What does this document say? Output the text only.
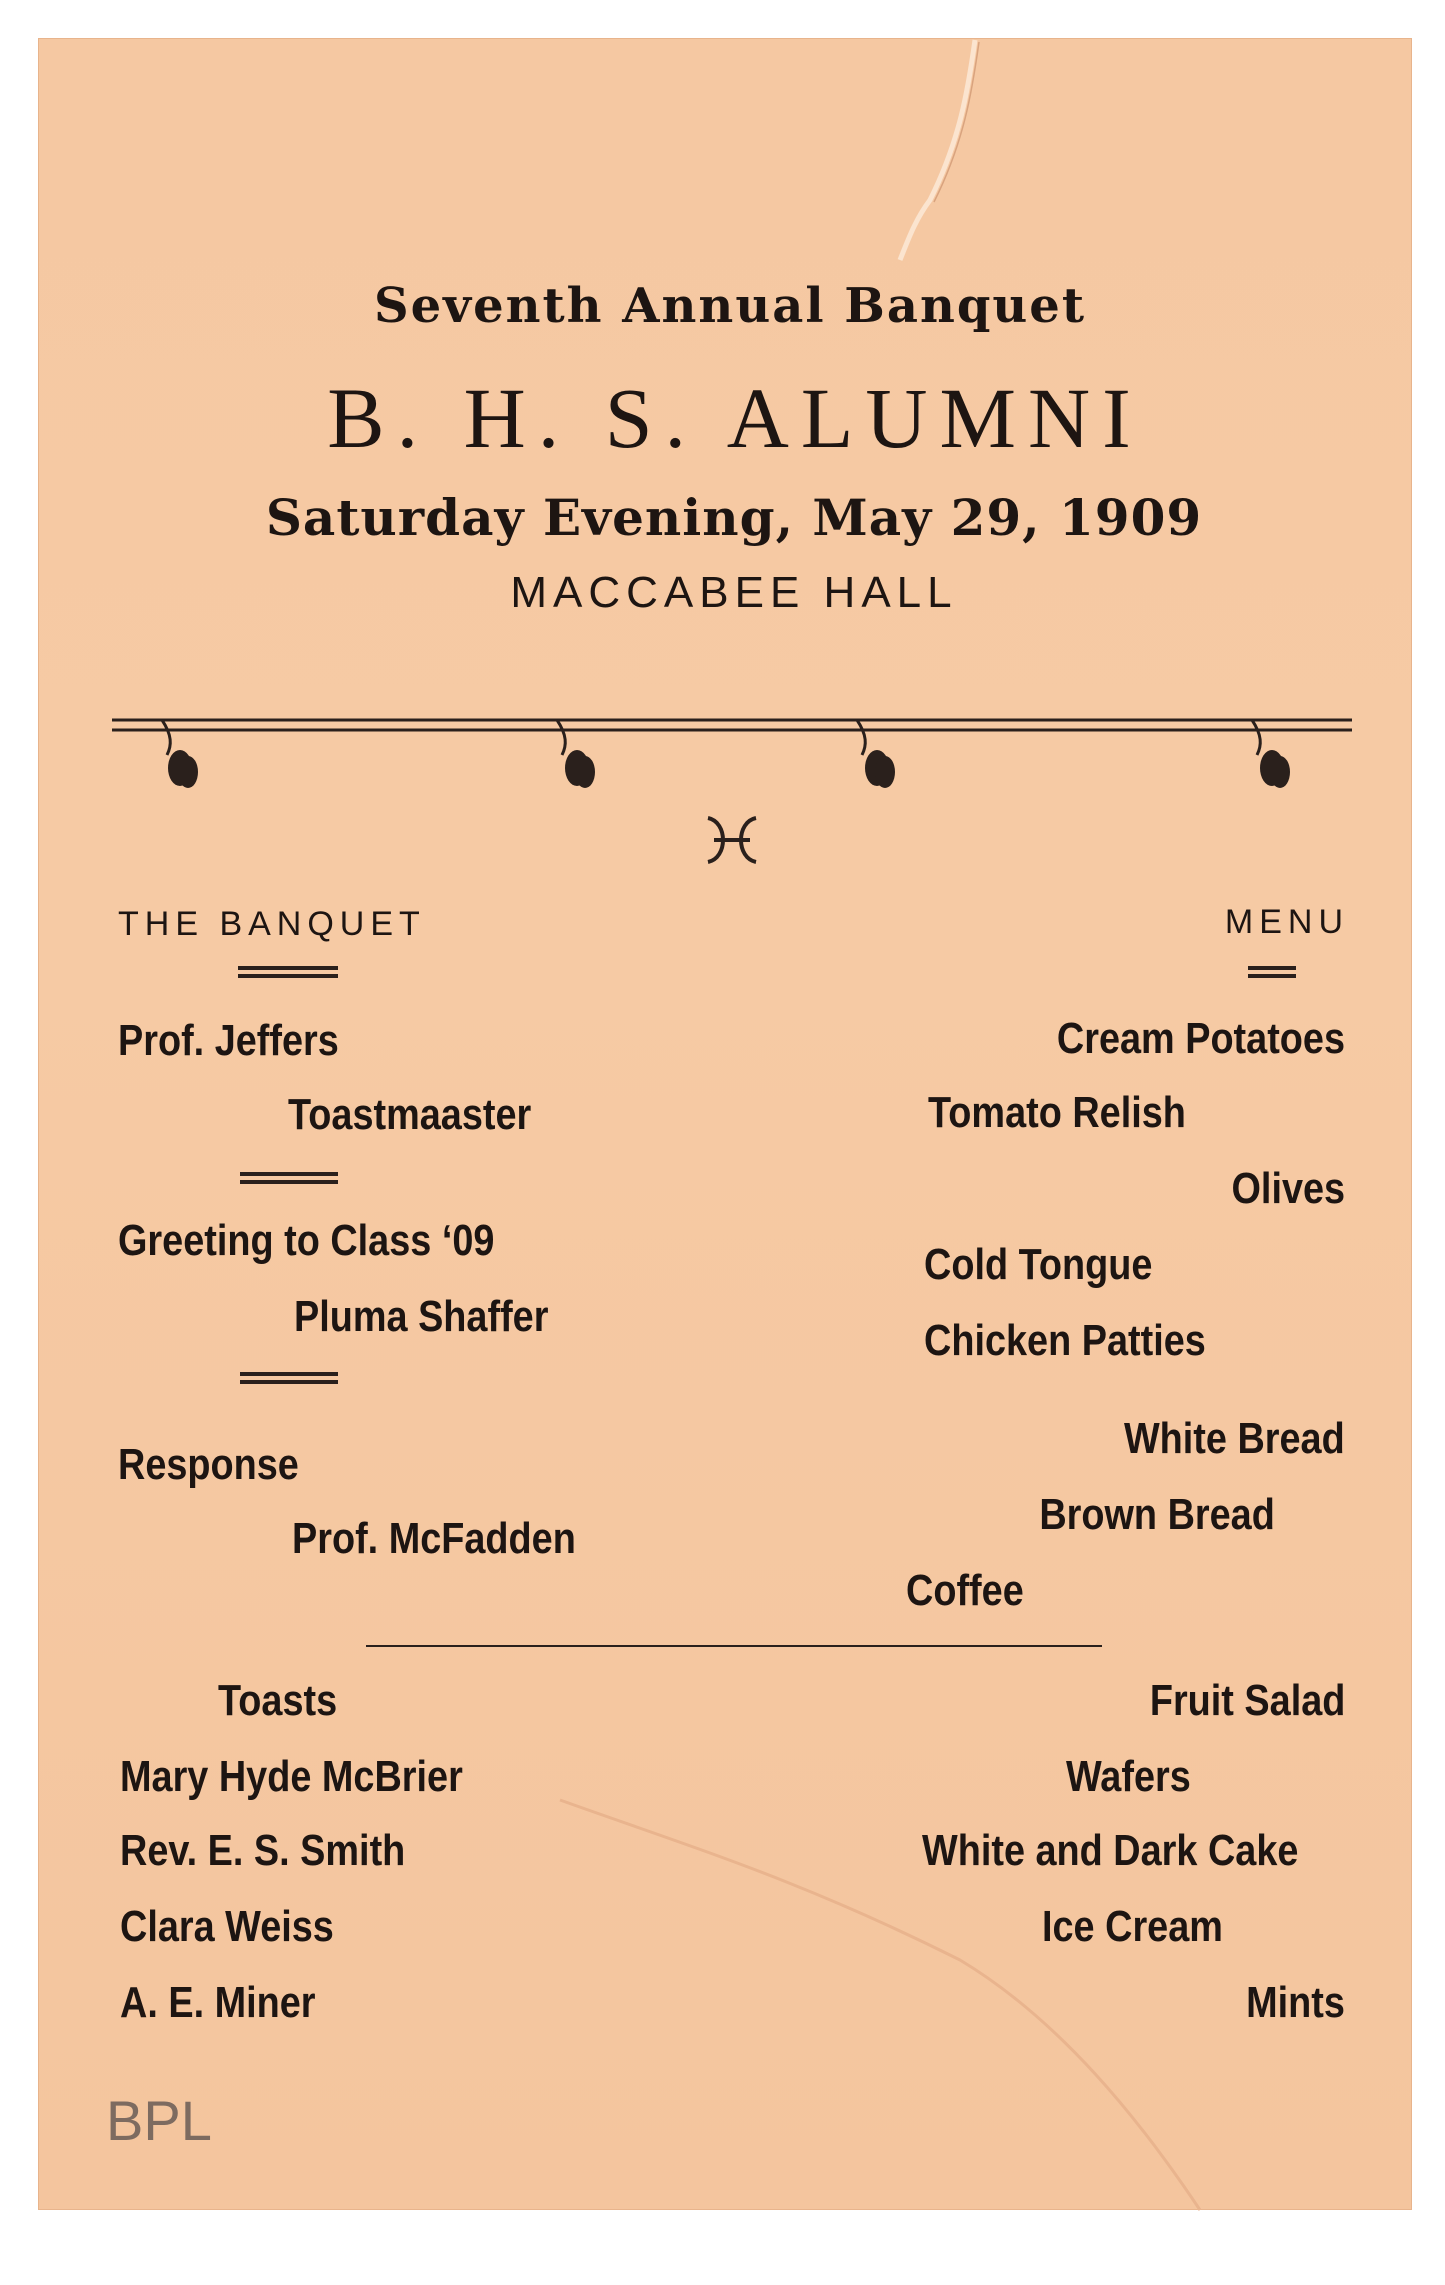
Seventh Annual Banquet
B. H. S. ALUMNI
Saturday Evening, May 29, 1909
MACCABEE HALL
THE BANQUET
Prof. Jeffers
Toastmaaster
Greeting to Class ‘09
Pluma Shaffer
Response
Prof. McFadden
Toasts
Mary Hyde McBrier
Rev. E. S. Smith
Clara Weiss
A. E. Miner
MENU
Cream Potatoes
Tomato Relish
Olives
Cold Tongue
Chicken Patties
White Bread
Brown Bread
Coffee
Fruit Salad
Wafers
White and Dark Cake
Ice Cream
Mints
BPL
